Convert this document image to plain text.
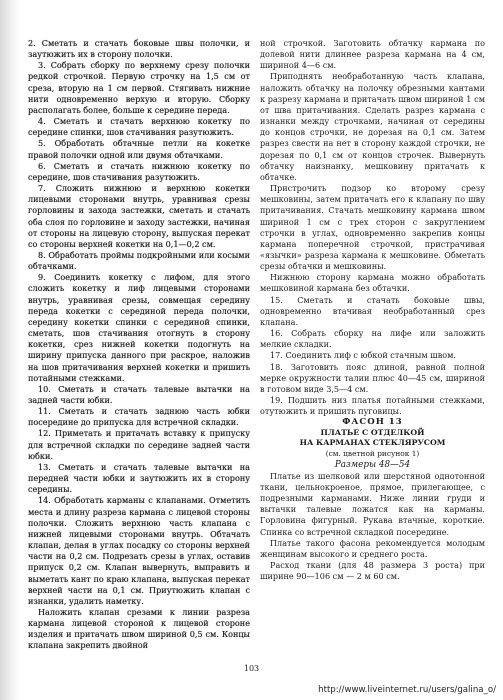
2. Сметать и стачать боковые швы полочки, и заутюжить их в сторону полочки.

3. Собрать сборку по верхнему срезу полочки редкой строчкой. Первую строчку на 1,5 см от среза, вторую на 1 см первой. Стягивать нижние нити одновременно верхую и вторую. Сборку располагать более, больше к середине переда.

4. Сметать и стачать верхнюю кокетку по середине спинки, шов стачивания разутюжить.

5. Обработать обтачные петли на кокетке правой полочки одной или двумя обтачками.

6. Сметать и стачать нижнюю кокетку по середине, шов стачивания разутюжить.

7. Сложить нижнюю и верхнюю кокетки лицевыми сторонами внутрь, уравнивая срезы горловины и захода застежки, сметать и стачать оба слоя по горловине и заходу застежки, начиная от стороны на лицевую сторону, выпуская перекат со стороны верхней кокетки на 0,1—0,2 см.

8. Обработать проймы подкройными или косыми обтачками.

9. Соединить кокетку с лифом, для этого сложить кокетку и лиф лицевыми сторонами внутрь, уравнивая срезы, совмещая середину переда кокетки с серединой переда полочки, середину кокетки спинки с серединой спинки, сметать, шов стачивания отогнуть в сторону кокетки, срез нижней кокетки подогнуть на ширину припуска данного при раскрое, наложив на шов притачивания верхней кокетки и пришить потайными стежками.

10. Сметать и стачать талевые вытачки на задней части юбки.

11. Сметать и стачать заднюю часть юбки посередине до припуска для встречной складки.

12. Приметать и притачать вставку к припуску для встречной складки по середине задней части юбки.

13. Сметать и стачать талевые вытачки на передней части юбки и заутюжить их в сторону середины.

14. Обработать карманы с клапанами. Отметить места и длину разреза кармана с лицевой стороны полочки. Сложить верхнюю часть клапана с нижней лицевыми сторонами внутрь. Обтачать клапан, делая в углах посадку со стороны верхней части на 0,2 см. Подрезать срезы в углах, оставив припуск 0,2 см. Клапан вывернуть, выправить и выметать кант по краю клапана, выпуская перекат верхней части на 0,1 см. Приутюжить клапан с изнанки, удалить наметку.

Наложить клапан срезами к линии разреза кармана лицевой стороной к лицевой стороне изделия и притачать швом шириной 0,5 см. Концы клапана закрепить двойной

ной строчкой. Заготовить обтачку кармана по долевой нити длиннее разреза кармана на 4 см, шириной 4—6 см.

Приподнять необработанную часть клапана, наложить обтачку на полочку обрезными кантами к разрезу кармана и притачать швом шириной 1 см от шва притачивания. Сделать разрез кармана с изнанки между строчками, начиная от середины до концов строчки, не дорезая на 0,1 см. Затем разрез свести на нет в сторону каждой строчки, не дорезая по 0,1 см от концов строчек. Вывернуть обтачку наизнанку, мешковину притачать к обтачке.

Пристрочить подзор ко второму срезу мешковины, затем притачать его к клапану по шву притачивания. Стачать мешковину кармана швом шириной 1 см с трех сторон с закруглением строчки в углах, одновременно закрепив концы кармана поперечной строчкой, пристрачивая «язычки» разреза кармана к мешковине. Обметать срезы обтачки и мешковины.

Нижнюю сторону кармана можно обработать мешковиной кармана без обтачки.

15. Сметать и стачать боковые швы, одновременно втачивая необработанный срез клапана.

16. Собрать сборку на лифе или заложить мелкие складки.

17. Соединить лиф с юбкой стачным швом.

18. Заготовить пояс длиной, равной полной мерке окружности талии плюс 40—45 см, шириной в готовом виде 3,5—4 см.

19. Подшить низ платья потайными стежками, отутюжить и пришить пуговицы.

ФАСОН 13

ПЛАТЬЕ С ОТДЕЛКОЙ

НА КАРМАНАХ СТЕКЛЯРУСОМ

(см. цветной рисунок 1)

Размеры 48—54

Платье из шелковой или шерстяной однотонной ткани, цельнокроеное, прямое, прилегающее, с подрезными карманами. Ниже линии груди и вытачки талевые ложатся как на карманы. Горловина фигурный. Рукава втачные, короткие. Спинка со встречной складкой посередине.

Платье такого фасона рекомендуется молодым женщинам высокого и среднего роста.

Расход ткани (для 48 размера 3 роста) при ширине 90—106 см — 2 м 60 см.

103
http://www.liveinternet.ru/users/galina_o/
